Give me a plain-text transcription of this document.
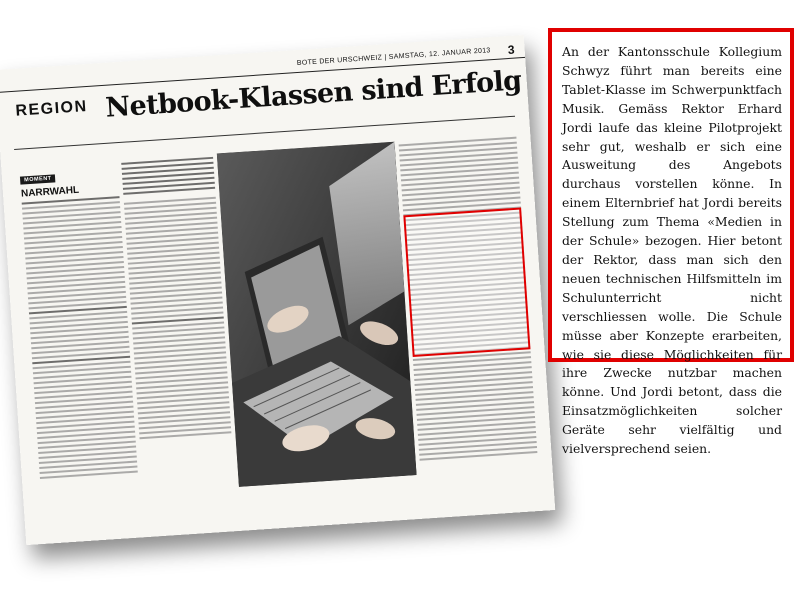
BOTE DER URSCHWEIZ | SAMSTAG, 12. JANUAR 2013 3
REGION Netbook-Klassen sind Erfolg
MOMENT
NARRWAHL
An der Kantonsschule Kollegium Schwyz führt man bereits eine Tablet-Klasse im Schwerpunktfach Musik. Gemäss Rektor Erhard Jordi laufe das kleine Pilotprojekt sehr gut, weshalb er sich eine Ausweitung des Angebots durchaus vorstellen könne. In einem Elternbrief hat Jordi bereits Stellung zum Thema «Medien in der Schule» bezogen. Hier betont der Rektor, dass man sich den neuen technischen Hilfsmitteln im Schulunterricht nicht verschliessen wolle. Die Schule müsse aber Konzepte erarbeiten, wie sie diese Möglichkeiten für ihre Zwecke nutzbar machen könne. Und Jordi betont, dass die Einsatzmöglichkeiten solcher Geräte sehr vielfältig und vielversprechend seien.
